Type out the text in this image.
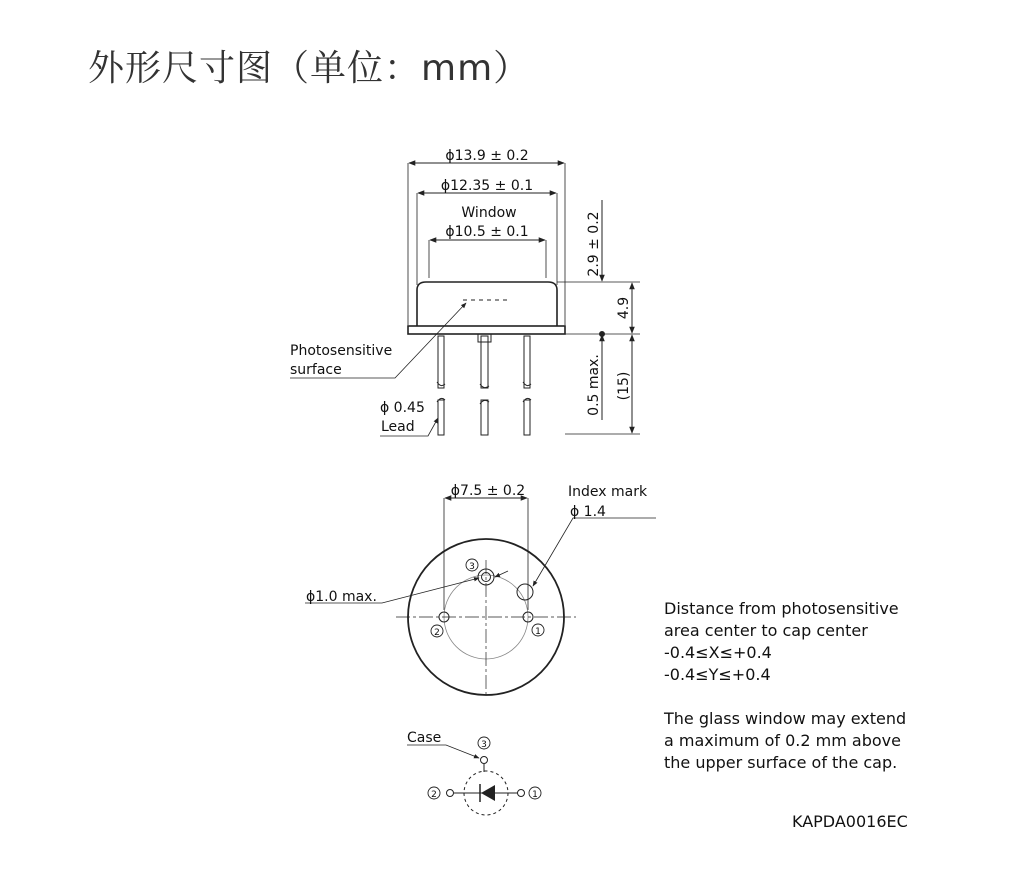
外形尺寸图（单位：mm）
ϕ13.9 ± 0.2
ϕ12.35 ± 0.1
Window
ϕ10.5 ± 0.1	2.9 ± 0.2
4.9
0.5 max. (15)
Photosensitive
surface
ϕ 0.45
Lead
ϕ7.5 ± 0.2	Index mark
ϕ 1.4
ϕ1.0 max.
3
2	1
Case	3
2	1
Distance from photosensitive
area center to cap center
-0.4≤X≤+0.4
-0.4≤Y≤+0.4
The glass window may extend
a maximum of 0.2 mm above
the upper surface of the cap.
KAPDA0016EC
